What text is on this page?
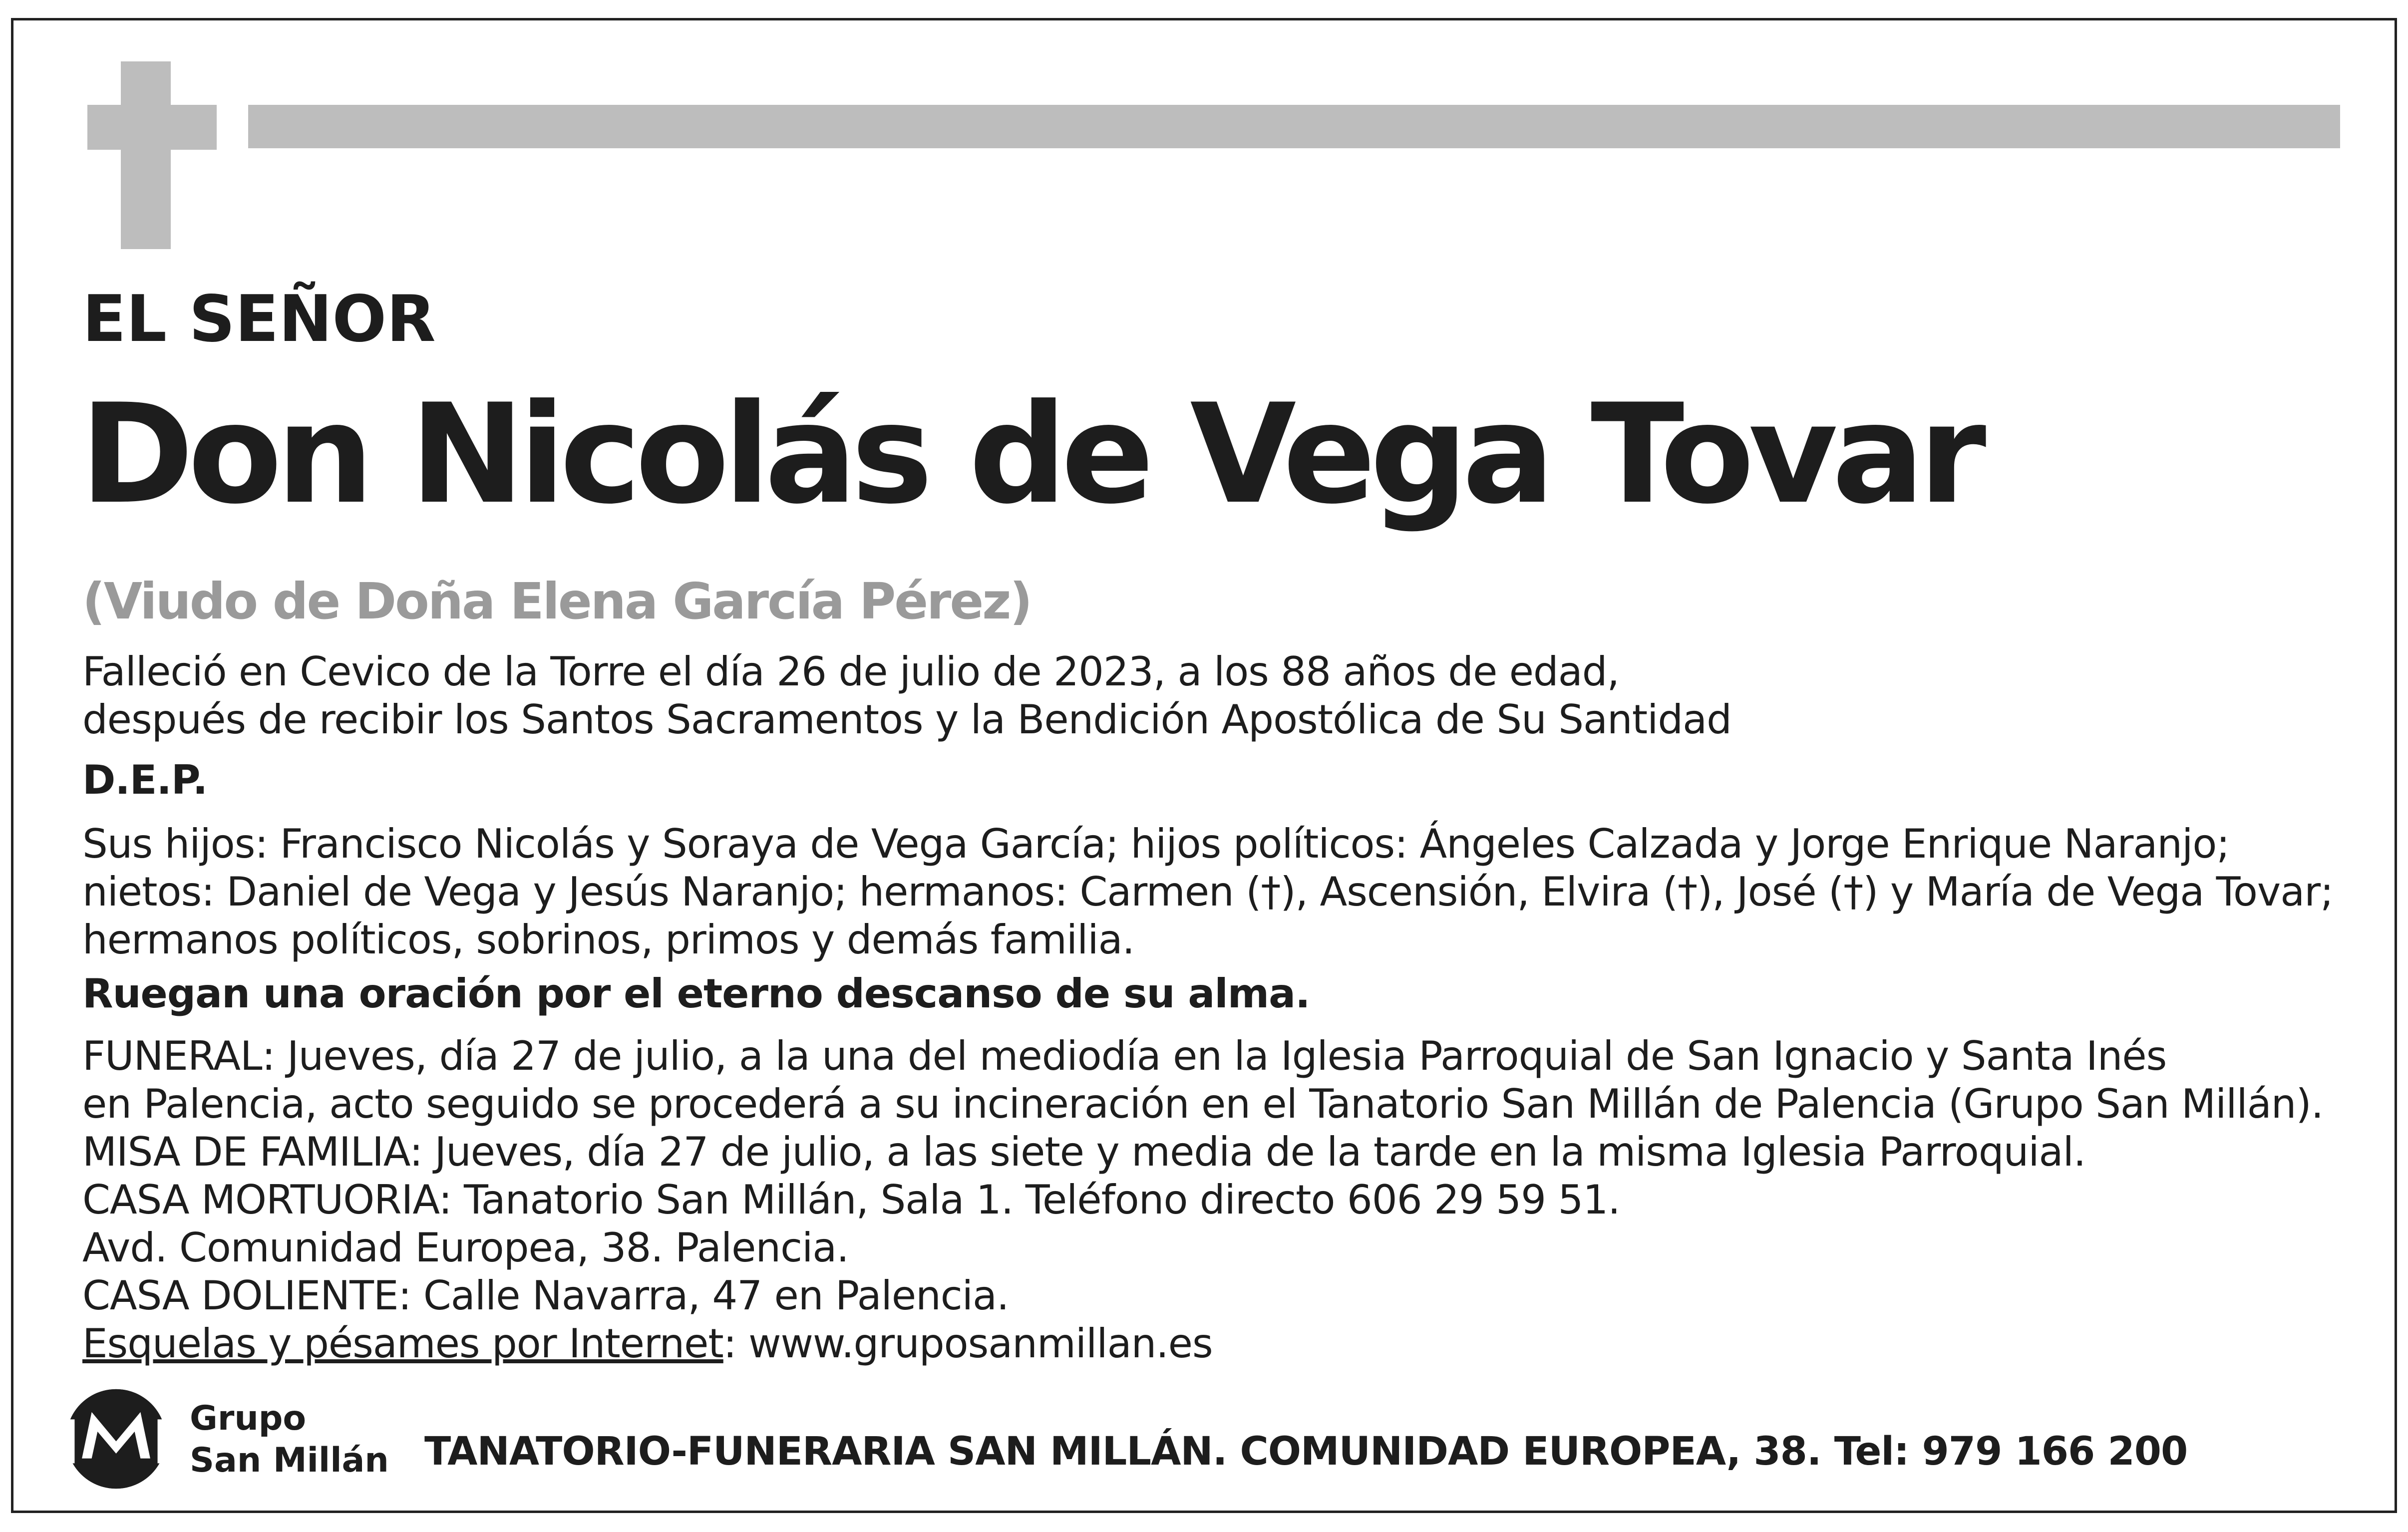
EL SEÑOR

Don Nicolás de Vega Tovar

(Viudo de Doña Elena García Pérez)

Falleció en Cevico de la Torre el día 26 de julio de 2023, a los 88 años de edad,
después de recibir los Santos Sacramentos y la Bendición Apostólica de Su Santidad
D.E.P.
Sus hijos: Francisco Nicolás y Soraya de Vega García; hijos políticos: Ángeles Calzada y Jorge Enrique Naranjo;
nietos: Daniel de Vega y Jesús Naranjo; hermanos: Carmen (†), Ascensión, Elvira (†), José (†) y María de Vega Tovar;
hermanos políticos, sobrinos, primos y demás familia.
Ruegan una oración por el eterno descanso de su alma.
FUNERAL: Jueves, día 27 de julio, a la una del mediodía en la Iglesia Parroquial de San Ignacio y Santa Inés
en Palencia, acto seguido se procederá a su incineración en el Tanatorio San Millán de Palencia (Grupo San Millán).
MISA DE FAMILIA: Jueves, día 27 de julio, a las siete y media de la tarde en la misma Iglesia Parroquial.
CASA MORTUORIA: Tanatorio San Millán, Sala 1. Teléfono directo 606 29 59 51.
Avd. Comunidad Europea, 38. Palencia.
CASA DOLIENTE: Calle Navarra, 47 en Palencia.
Esquelas y pésames por Internet: www.gruposanmillan.es
Grupo
San Millán TANATORIO-FUNERARIA SAN MILLÁN. COMUNIDAD EUROPEA, 38. Tel: 979 166 200
